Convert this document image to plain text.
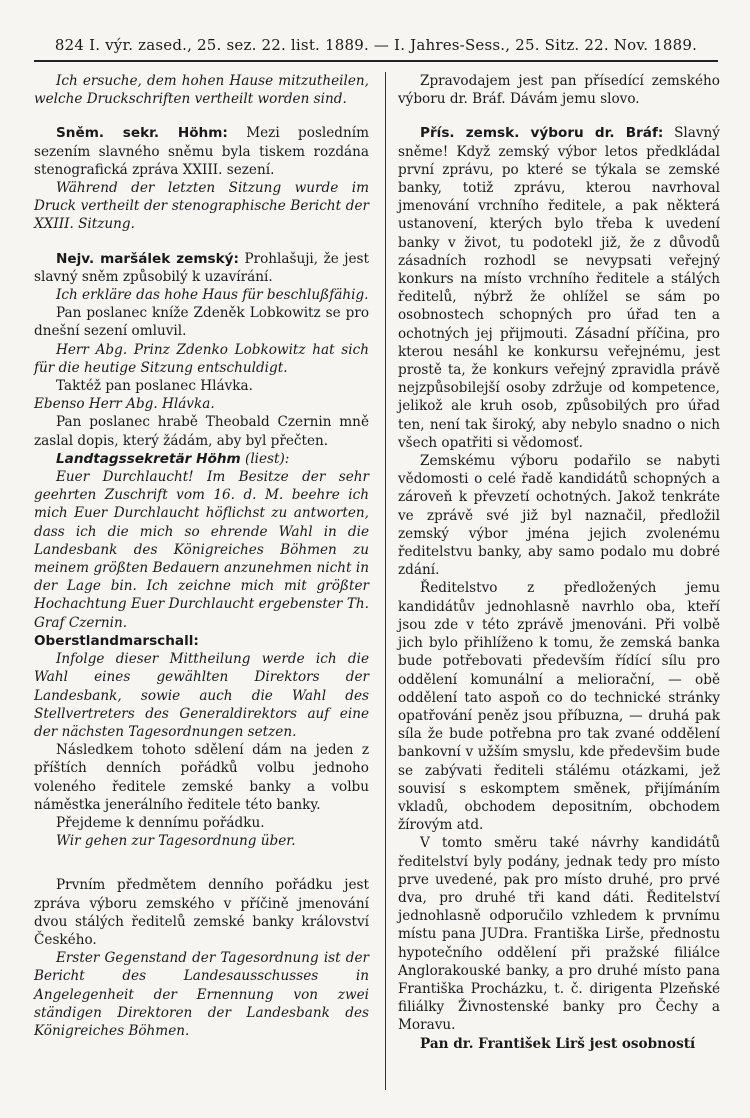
824 I. výr. zased., 25. sez. 22. list. 1889. — I. Jahres-Sess., 25. Sitz. 22. Nov. 1889.

Ich ersuche, dem hohen Hause mitzutheilen, welche Druckschriften vertheilt worden sind.

Sněm. sekr. Höhm: Mezi posledním sezením slavného sněmu byla tiskem rozdána stenografická zpráva XXIII. sezení.

Während der letzten Sitzung wurde im Druck vertheilt der stenographische Bericht der XXIII. Sitzung.

Nejv. maršálek zemský: Prohlašuji, že jest slavný sněm způsobilý k uzavírání.

Ich erkläre das hohe Haus für beschlußfähig.

Pan poslanec kníže Zdeněk Lobkowitz se pro dnešní sezení omluvil.

Herr Abg. Prinz Zdenko Lobkowitz hat sich für die heutige Sitzung entschuldigt.

Taktéž pan poslanec Hlávka.

Ebenso Herr Abg. Hlávka.

Pan poslanec hrabě Theobald Czernin mně zaslal dopis, který žádám, aby byl přečten.

Landtagssekretär Höhm (liest):

Euer Durchlaucht! Im Besitze der sehr geehrten Zuschrift vom 16. d. M. beehre ich mich Euer Durchlaucht höflichst zu antworten, dass ich die mich so ehrende Wahl in die Landesbank des Königreiches Böhmen zu meinem größten Bedauern anzunehmen nicht in der Lage bin. Ich zeichne mich mit größter Hochachtung Euer Durchlaucht ergebenster Th. Graf Czernin.

Oberstlandmarschall:

Infolge dieser Mittheilung werde ich die Wahl eines gewählten Direktors der Landesbank, sowie auch die Wahl des Stellvertreters des Generaldirektors auf eine der nächsten Tagesordnungen setzen.

Následkem tohoto sdělení dám na jeden z příštích denních pořádků volbu jednoho voleného ředitele zemské banky a volbu náměstka jenerálního ředitele této banky.

Přejdeme k dennímu pořádku.

Wir gehen zur Tagesordnung über.

Prvním předmětem denního pořádku jest zpráva výboru zemského v příčině jmenování dvou stálých ředitelů zemské banky království Českého.

Erster Gegenstand der Tagesordnung ist der Bericht des Landesausschusses in Angelegenheit der Ernennung von zwei ständigen Direktoren der Landesbank des Königreiches Böhmen.

Zpravodajem jest pan přísedící zemského výboru dr. Bráf. Dávám jemu slovo.

Přís. zemsk. výboru dr. Bráf: Slavný sněme! Když zemský výbor letos předkládal první zprávu, po které se týkala se zemské banky, totiž zprávu, kterou navrhoval jmenování vrchního ředitele, a pak některá ustanovení, kterých bylo třeba k uvedení banky v život, tu podotekl již, že z důvodů zásadních rozhodl se nevypsati veřejný konkurs na místo vrchního ředitele a stálých ředitelů, nýbrž že ohlížel se sám po osobnostech schopných pro úřad ten a ochotných jej přijmouti. Zásadní příčina, pro kterou nesáhl ke konkursu veřejnému, jest prostě ta, že konkurs veřejný zpravidla právě nejzpůsobilejší osoby zdržuje od kompetence, jelikož ale kruh osob, způsobilých pro úřad ten, není tak široký, aby nebylo snadno o nich všech opatřiti si vědomosť.

Zemskému výboru podařilo se nabyti vědomosti o celé řadě kandidátů schopných a zároveň k převzetí ochotných. Jakož tenkráte ve zprávě své již byl naznačil, předložil zemský výbor jména jejich zvolenému ředitelstvu banky, aby samo podalo mu dobré zdání.

Ředitelstvo z předložených jemu kandidátův jednohlasně navrhlo oba, kteří jsou zde v této zprávě jmenováni. Při volbě jich bylo přihlíženo k tomu, že zemská banka bude potřebovati především řídící sílu pro oddělení komunální a meliorační, — obě oddělení tato aspoň co do technické stránky opatřování peněz jsou příbuzna, — druhá pak síla že bude potřebna pro tak zvané oddělení bankovní v užším smyslu, kde předevšim bude se zabývati řediteli stálému otázkami, jež souvisí s eskomptem směnek, přijímáním vkladů, obchodem depositním, obchodem žírovým atd.

V tomto směru také návrhy kandidátů ředitelství byly podány, jednak tedy pro místo prve uvedené, pak pro místo druhé, pro prvé dva, pro druhé tři kand dáti. Ředitelství jednohlasně odporučilo vzhledem k prvnímu místu pana JUDra. Františka Lirše, přednostu hypotečního oddělení při pražské filiálce Anglorakouské banky, a pro druhé místo pana Františka Procházku, t. č. dirigenta Plzeňské filiálky Živnostenské banky pro Čechy a Moravu.

Pan dr. František Lirš jest osobností
